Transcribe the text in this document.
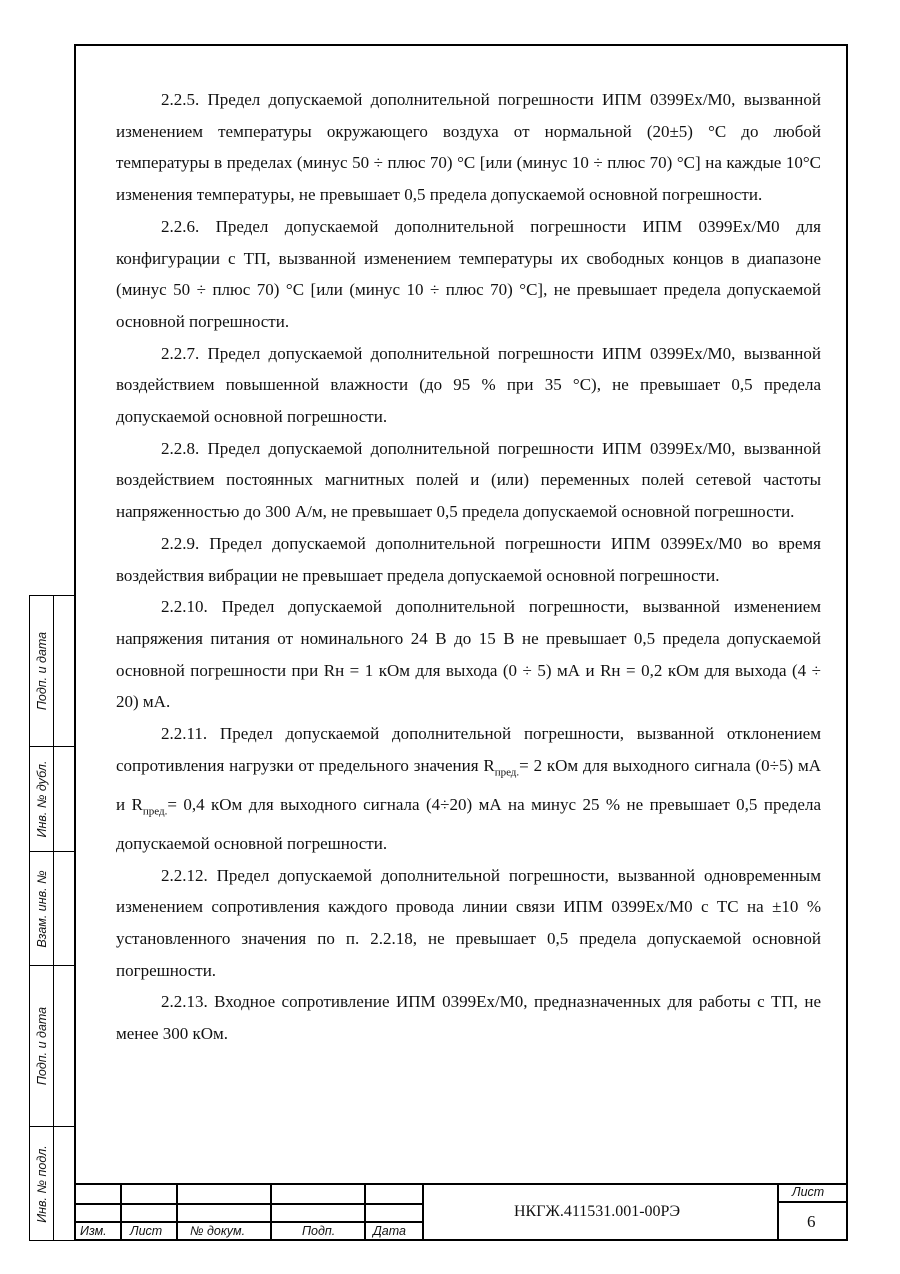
2.2.5. Предел допускаемой дополнительной погрешности ИПМ 0399Ex/М0, вызванной изменением температуры окружающего воздуха от нормальной (20±5) °С до любой температуры в пределах (минус 50 ÷ плюс 70) °С [или (минус 10 ÷ плюс 70) °С] на каждые 10°С изменения температуры, не превышает 0,5 предела допускаемой основной погрешности.

2.2.6. Предел допускаемой дополнительной погрешности ИПМ 0399Ex/М0 для конфигурации с ТП, вызванной изменением температуры их свободных концов в диапазоне (минус 50 ÷ плюс 70) °С [или (минус 10 ÷ плюс 70) °С], не превышает предела допускаемой основной погрешности.

2.2.7. Предел допускаемой дополнительной погрешности ИПМ 0399Ex/М0, вызванной воздействием повышенной влажности (до 95 % при 35 °С), не превышает 0,5 предела допускаемой основной погрешности.

2.2.8. Предел допускаемой дополнительной погрешности ИПМ 0399Ex/М0, вызванной воздействием постоянных магнитных полей и (или) переменных полей сетевой частоты напряженностью до 300 А/м, не превышает 0,5 предела допускаемой основной погрешности.

2.2.9. Предел допускаемой дополнительной погрешности ИПМ 0399Ex/М0 во время воздействия вибрации не превышает предела допускаемой основной погрешности.

2.2.10. Предел допускаемой дополнительной погрешности, вызванной изменением напряжения питания от номинального 24 В до 15 В не превышает 0,5 предела допускаемой основной погрешности при Rн = 1 кОм для выхода (0 ÷ 5) мА и Rн = 0,2 кОм для выхода (4 ÷ 20) мА.

2.2.11. Предел допускаемой дополнительной погрешности, вызванной отклонением сопротивления нагрузки от предельного значения $R_{пред.}= 2$ кОм для выходного сигнала (0÷5) мА и $R_{пред.}= 0,4$ кОм для выходного сигнала (4÷20) мА на минус 25 % не превышает 0,5 предела допускаемой основной погрешности.

2.2.12. Предел допускаемой дополнительной погрешности, вызванной одновременным изменением сопротивления каждого провода линии связи ИПМ 0399Ex/М0 с ТС на ±10 % установленного значения по п. 2.2.18, не превышает 0,5 предела допускаемой основной погрешности.

2.2.13. Входное сопротивление ИПМ 0399Ex/М0, предназначенных для работы с ТП, не менее 300 кОм.

Подп. и дата
Инв. № дубл.
Взам. инв. №
Подп. и дата
Инв. № подл.
Изм. Лист № докум.	Подп.	Дата
НКГЖ.411531.001-00РЭ
Лист
6
